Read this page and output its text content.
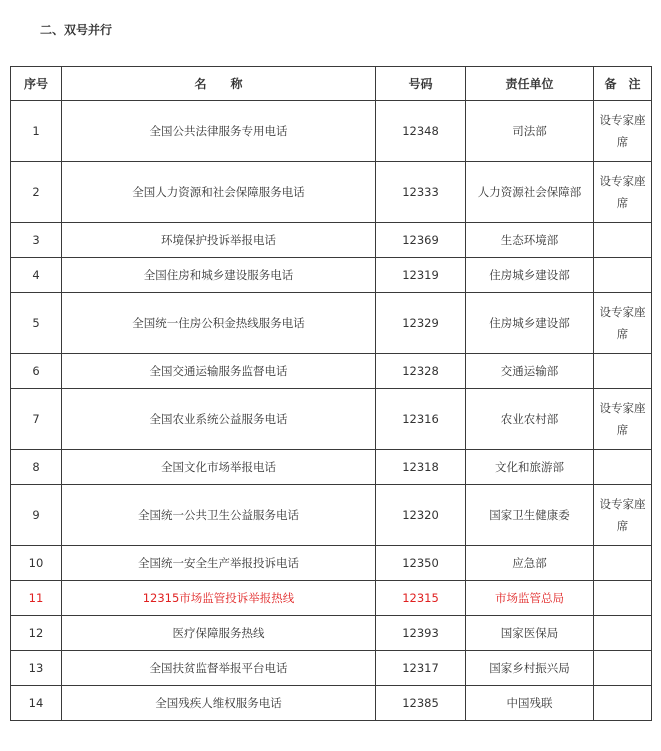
二、双号并行
序号	名　　称	号码	责任单位	备　注
1	全国公共法律服务专用电话	12348	司法部	设专家座席
2	全国人力资源和社会保障服务电话	12333	人力资源社会保障部	设专家座席
3	环境保护投诉举报电话	12369	生态环境部	
4	全国住房和城乡建设服务电话	12319	住房城乡建设部	
5	全国统一住房公积金热线服务电话	12329	住房城乡建设部	设专家座席
6	全国交通运输服务监督电话	12328	交通运输部	
7	全国农业系统公益服务电话	12316	农业农村部	设专家座席
8	全国文化市场举报电话	12318	文化和旅游部	
9	全国统一公共卫生公益服务电话	12320	国家卫生健康委	设专家座席
10	全国统一安全生产举报投诉电话	12350	应急部	
11	12315市场监管投诉举报热线	12315	市场监管总局	
12	医疗保障服务热线	12393	国家医保局	
13	全国扶贫监督举报平台电话	12317	国家乡村振兴局	
14	全国残疾人维权服务电话	12385	中国残联	
